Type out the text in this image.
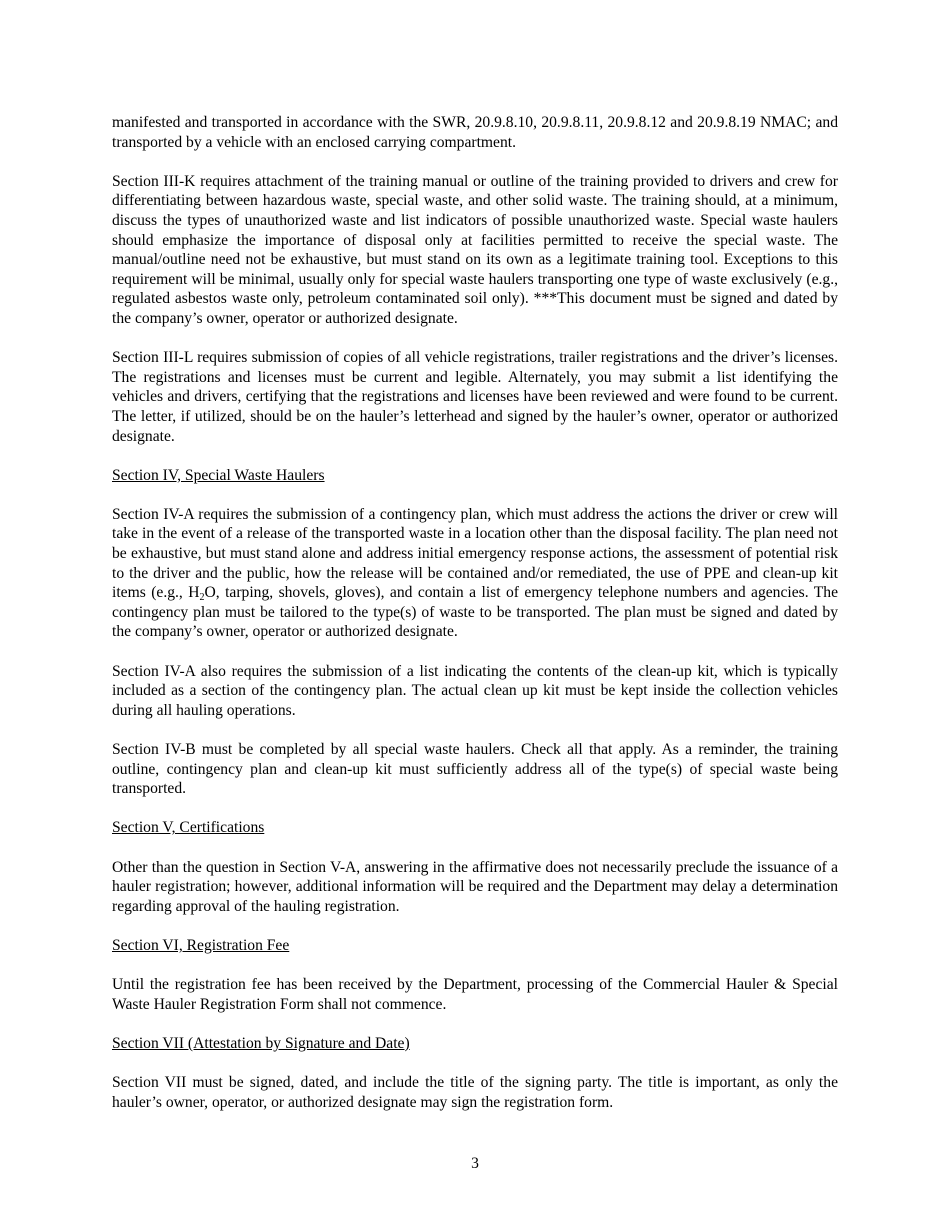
manifested and transported in accordance with the SWR, 20.9.8.10, 20.9.8.11, 20.9.8.12 and 20.9.8.19 NMAC; and transported by a vehicle with an enclosed carrying compartment.

Section III-K requires attachment of the training manual or outline of the training provided to drivers and crew for differentiating between hazardous waste, special waste, and other solid waste. The training should, at a minimum, discuss the types of unauthorized waste and list indicators of possible unauthorized waste. Special waste haulers should emphasize the importance of disposal only at facilities permitted to receive the special waste. The manual/outline need not be exhaustive, but must stand on its own as a legitimate training tool. Exceptions to this requirement will be minimal, usually only for special waste haulers transporting one type of waste exclusively (e.g., regulated asbestos waste only, petroleum contaminated soil only). ***This document must be signed and dated by the company’s owner, operator or authorized designate.

Section III-L requires submission of copies of all vehicle registrations, trailer registrations and the driver’s licenses. The registrations and licenses must be current and legible. Alternately, you may submit a list identifying the vehicles and drivers, certifying that the registrations and licenses have been reviewed and were found to be current. The letter, if utilized, should be on the hauler’s letterhead and signed by the hauler’s owner, operator or authorized designate.

Section IV, Special Waste Haulers

Section IV-A requires the submission of a contingency plan, which must address the actions the driver or crew will take in the event of a release of the transported waste in a location other than the disposal facility. The plan need not be exhaustive, but must stand alone and address initial emergency response actions, the assessment of potential risk to the driver and the public, how the release will be contained and/or remediated, the use of PPE and clean-up kit items (e.g., $H_2O$, tarping, shovels, gloves), and contain a list of emergency telephone numbers and agencies. The contingency plan must be tailored to the type(s) of waste to be transported. The plan must be signed and dated by the company’s owner, operator or authorized designate.

Section IV-A also requires the submission of a list indicating the contents of the clean-up kit, which is typically included as a section of the contingency plan. The actual clean up kit must be kept inside the collection vehicles during all hauling operations.

Section IV-B must be completed by all special waste haulers. Check all that apply. As a reminder, the training outline, contingency plan and clean-up kit must sufficiently address all of the type(s) of special waste being transported.

Section V, Certifications

Other than the question in Section V-A, answering in the affirmative does not necessarily preclude the issuance of a hauler registration; however, additional information will be required and the Department may delay a determination regarding approval of the hauling registration.

Section VI, Registration Fee

Until the registration fee has been received by the Department, processing of the Commercial Hauler & Special Waste Hauler Registration Form shall not commence.

Section VII (Attestation by Signature and Date)

Section VII must be signed, dated, and include the title of the signing party. The title is important, as only the hauler’s owner, operator, or authorized designate may sign the registration form.

3
